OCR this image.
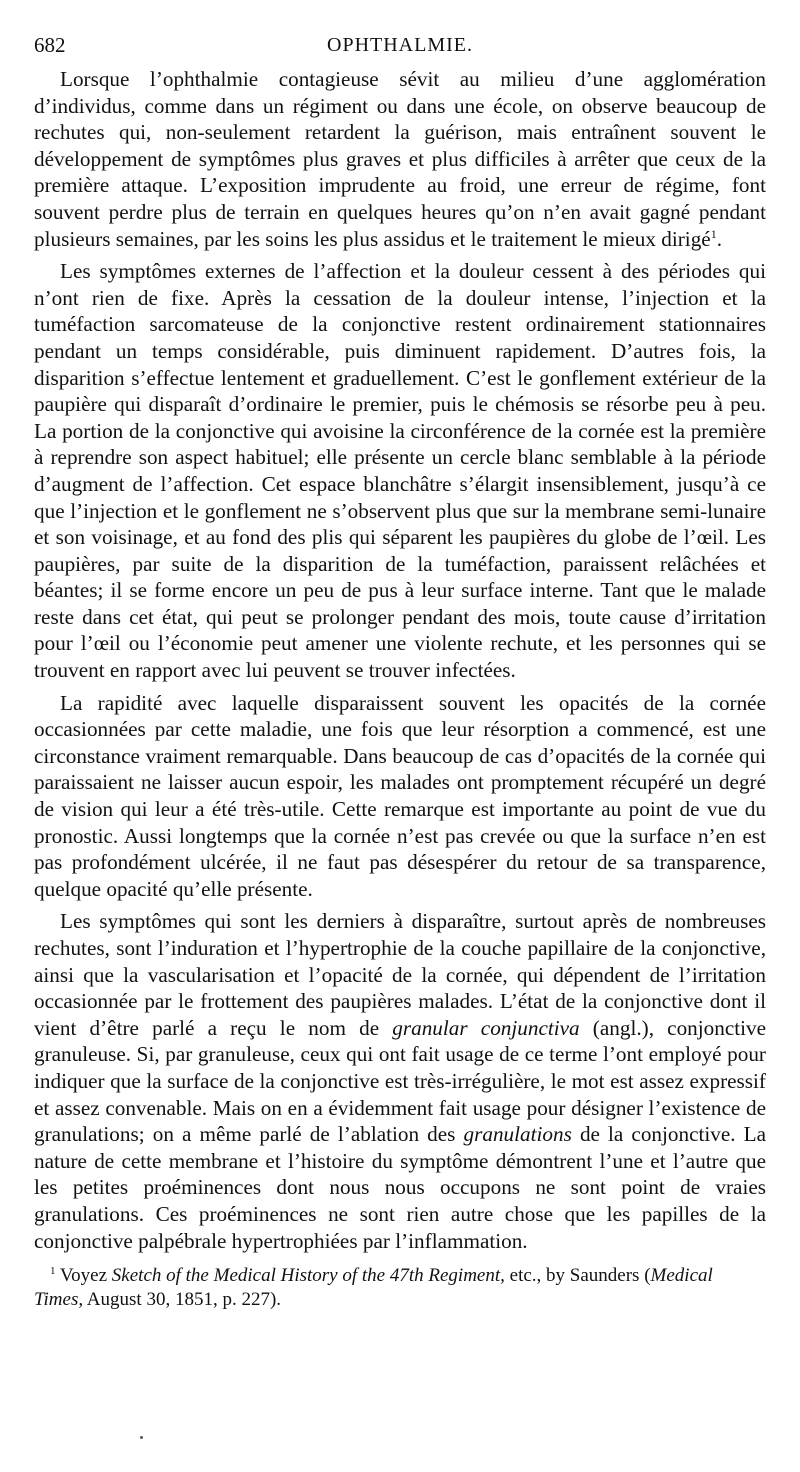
682	OPHTHALMIE.

Lorsque l’ophthalmie contagieuse sévit au milieu d’une agglomération d’individus, comme dans un régiment ou dans une école, on observe beaucoup de rechutes qui, non-seulement retardent la guérison, mais entraînent souvent le développement de symptômes plus graves et plus difficiles à arrêter que ceux de la première attaque. L’exposition imprudente au froid, une erreur de régime, font souvent perdre plus de terrain en quelques heures qu’on n’en avait gagné pendant plusieurs semaines, par les soins les plus assidus et le traitement le mieux dirigé$^1$.

Les symptômes externes de l’affection et la douleur cessent à des périodes qui n’ont rien de fixe. Après la cessation de la douleur intense, l’injection et la tuméfaction sarcomateuse de la conjonctive restent ordinairement stationnaires pendant un temps considérable, puis diminuent rapidement. D’autres fois, la disparition s’effectue lentement et graduellement. C’est le gonflement extérieur de la paupière qui disparaît d’ordinaire le premier, puis le chémosis se résorbe peu à peu. La portion de la conjonctive qui avoisine la circonférence de la cornée est la première à reprendre son aspect habituel; elle présente un cercle blanc semblable à la période d’augment de l’affection. Cet espace blanchâtre s’élargit insensiblement, jusqu’à ce que l’injection et le gonflement ne s’observent plus que sur la membrane semi-lunaire et son voisinage, et au fond des plis qui séparent les paupières du globe de l’œil. Les paupières, par suite de la disparition de la tuméfaction, paraissent relâchées et béantes; il se forme encore un peu de pus à leur surface interne. Tant que le malade reste dans cet état, qui peut se prolonger pendant des mois, toute cause d’irritation pour l’œil ou l’économie peut amener une violente rechute, et les personnes qui se trouvent en rapport avec lui peuvent se trouver infectées.

La rapidité avec laquelle disparaissent souvent les opacités de la cornée occasionnées par cette maladie, une fois que leur résorption a commencé, est une circonstance vraiment remarquable. Dans beaucoup de cas d’opacités de la cornée qui paraissaient ne laisser aucun espoir, les malades ont promptement récupéré un degré de vision qui leur a été très-utile. Cette remarque est importante au point de vue du pronostic. Aussi longtemps que la cornée n’est pas crevée ou que la surface n’en est pas profondément ulcérée, il ne faut pas désespérer du retour de sa transparence, quelque opacité qu’elle présente.

Les symptômes qui sont les derniers à disparaître, surtout après de nombreuses rechutes, sont l’induration et l’hypertrophie de la couche papillaire de la conjonctive, ainsi que la vascularisation et l’opacité de la cornée, qui dépendent de l’irritation occasionnée par le frottement des paupières malades. L’état de la conjonctive dont il vient d’être parlé a reçu le nom de granular conjunctiva (angl.), conjonctive granuleuse. Si, par granuleuse, ceux qui ont fait usage de ce terme l’ont employé pour indiquer que la surface de la conjonctive est très-irrégulière, le mot est assez expressif et assez convenable. Mais on en a évidemment fait usage pour désigner l’existence de granulations; on a même parlé de l’ablation des granulations de la conjonctive. La nature de cette membrane et l’histoire du symptôme démontrent l’une et l’autre que les petites proéminences dont nous nous occupons ne sont point de vraies granulations. Ces proéminences ne sont rien autre chose que les papilles de la conjonctive palpébrale hypertrophiées par l’inflammation.

$^1$ Voyez Sketch of the Medical History of the 47th Regiment, etc., by Saunders (Medical Times, August 30, 1851, p. 227).
